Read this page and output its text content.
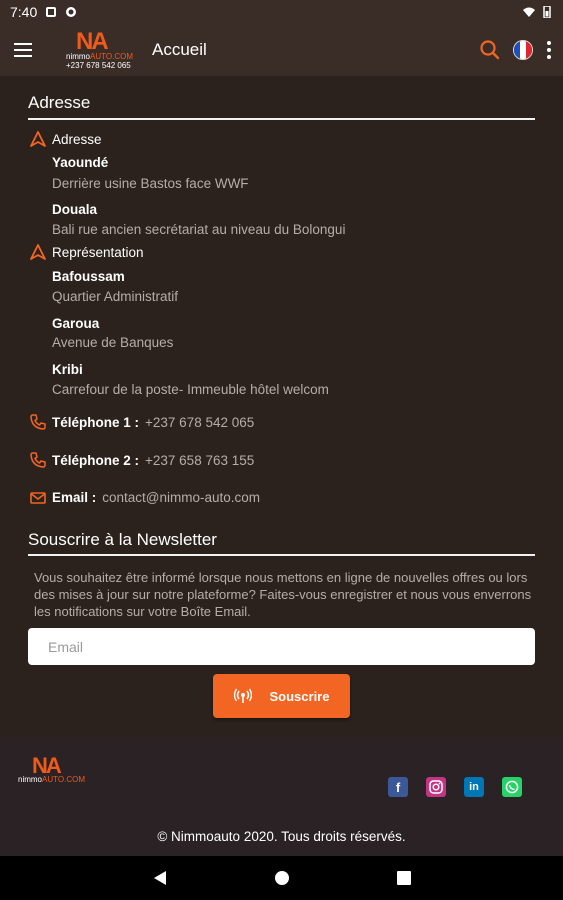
7:40
NA
nimmoAUTO.COM
+237 678 542 065
Accueil
Adresse
Adresse
Yaoundé
Derrière usine Bastos face WWF
Douala
Bali rue ancien secrétariat au niveau du Bolongui
Représentation
Bafoussam
Quartier Administratif
Garoua
Avenue de Banques
Kribi
Carrefour de la poste- Immeuble hôtel welcom
Téléphone 1 : +237 678 542 065
Téléphone 2 : +237 658 763 155
Email : contact@nimmo-auto.com
Souscrire à la Newsletter
Vous souhaitez être informé lorsque nous mettons en ligne de nouvelles offres ou lors des mises à jour sur notre plateforme? Faites-vous enregistrer et nous vous enverrons les notifications sur votre Boîte Email.
Email
Souscrire
NA
nimmoAUTO.COM	f	in
© Nimmoauto 2020. Tous droits réservés.
